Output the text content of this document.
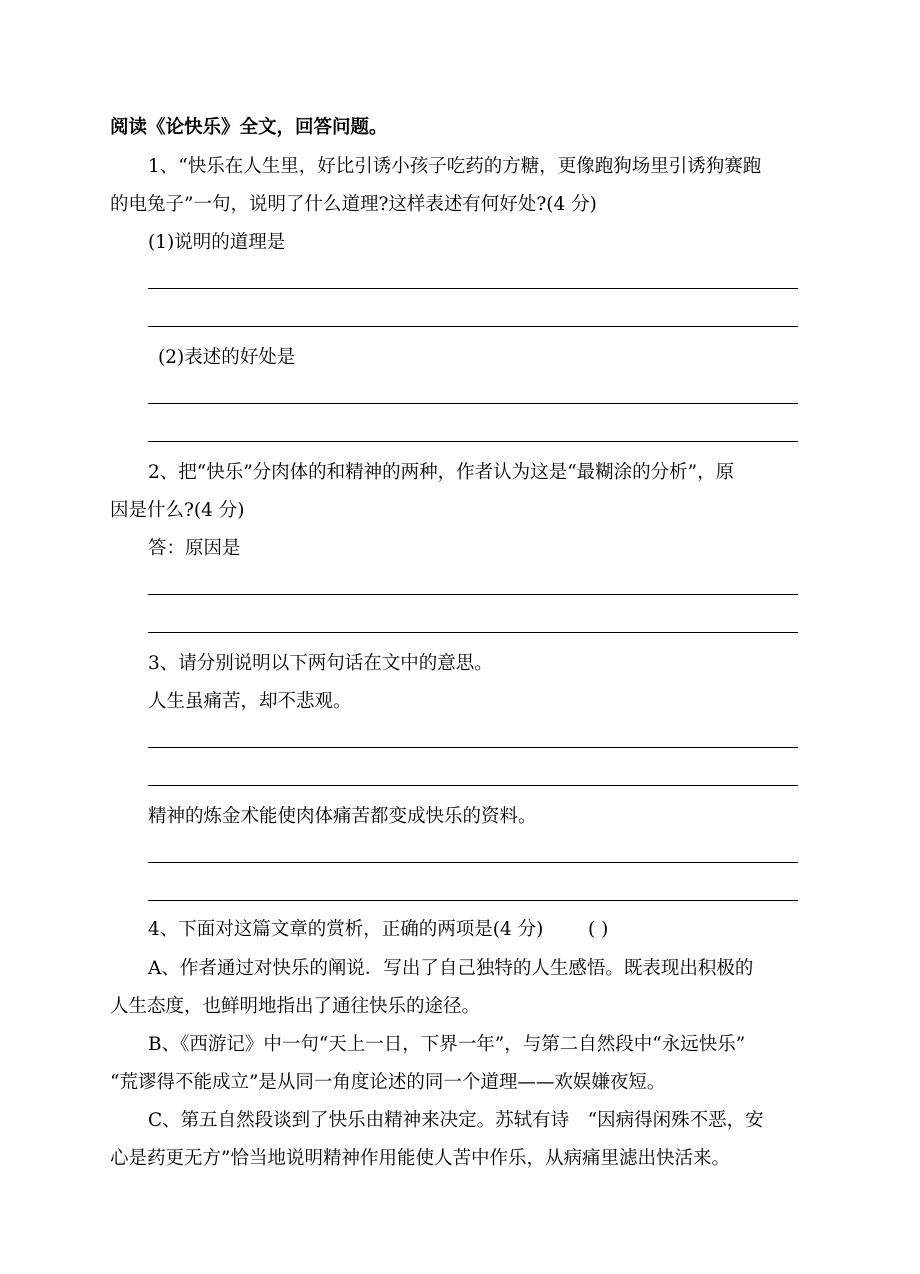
阅读《论快乐》全文，回答问题。
1、“快乐在人生里，好比引诱小孩子吃药的方糖，更像跑狗场里引诱狗赛跑
的电兔子”一句，说明了什么道理?这样表述有何好处?(4 分)
(1)说明的道理是
(2)表述的好处是
2、把“快乐”分肉体的和精神的两种，作者认为这是“最糊涂的分析”，原
因是什么?(4 分)
答：原因是
3、请分别说明以下两句话在文中的意思。
人生虽痛苦，却不悲观。
精神的炼金术能使肉体痛苦都变成快乐的资料。
4、下面对这篇文章的赏析，正确的两项是(4 分) ( )
A、作者通过对快乐的阐说．写出了自己独特的人生感悟。既表现出积极的
人生态度，也鲜明地指出了通往快乐的途径。
B、《西游记》中一句“天上一日，下界一年”，与第二自然段中“永远快乐”
“荒谬得不能成立”是从同一角度论述的同一个道理——欢娱嫌夜短。
C、第五自然段谈到了快乐由精神来决定。苏轼有诗　“因病得闲殊不恶，安
心是药更无方”恰当地说明精神作用能使人苦中作乐，从病痛里滤出快活来。
